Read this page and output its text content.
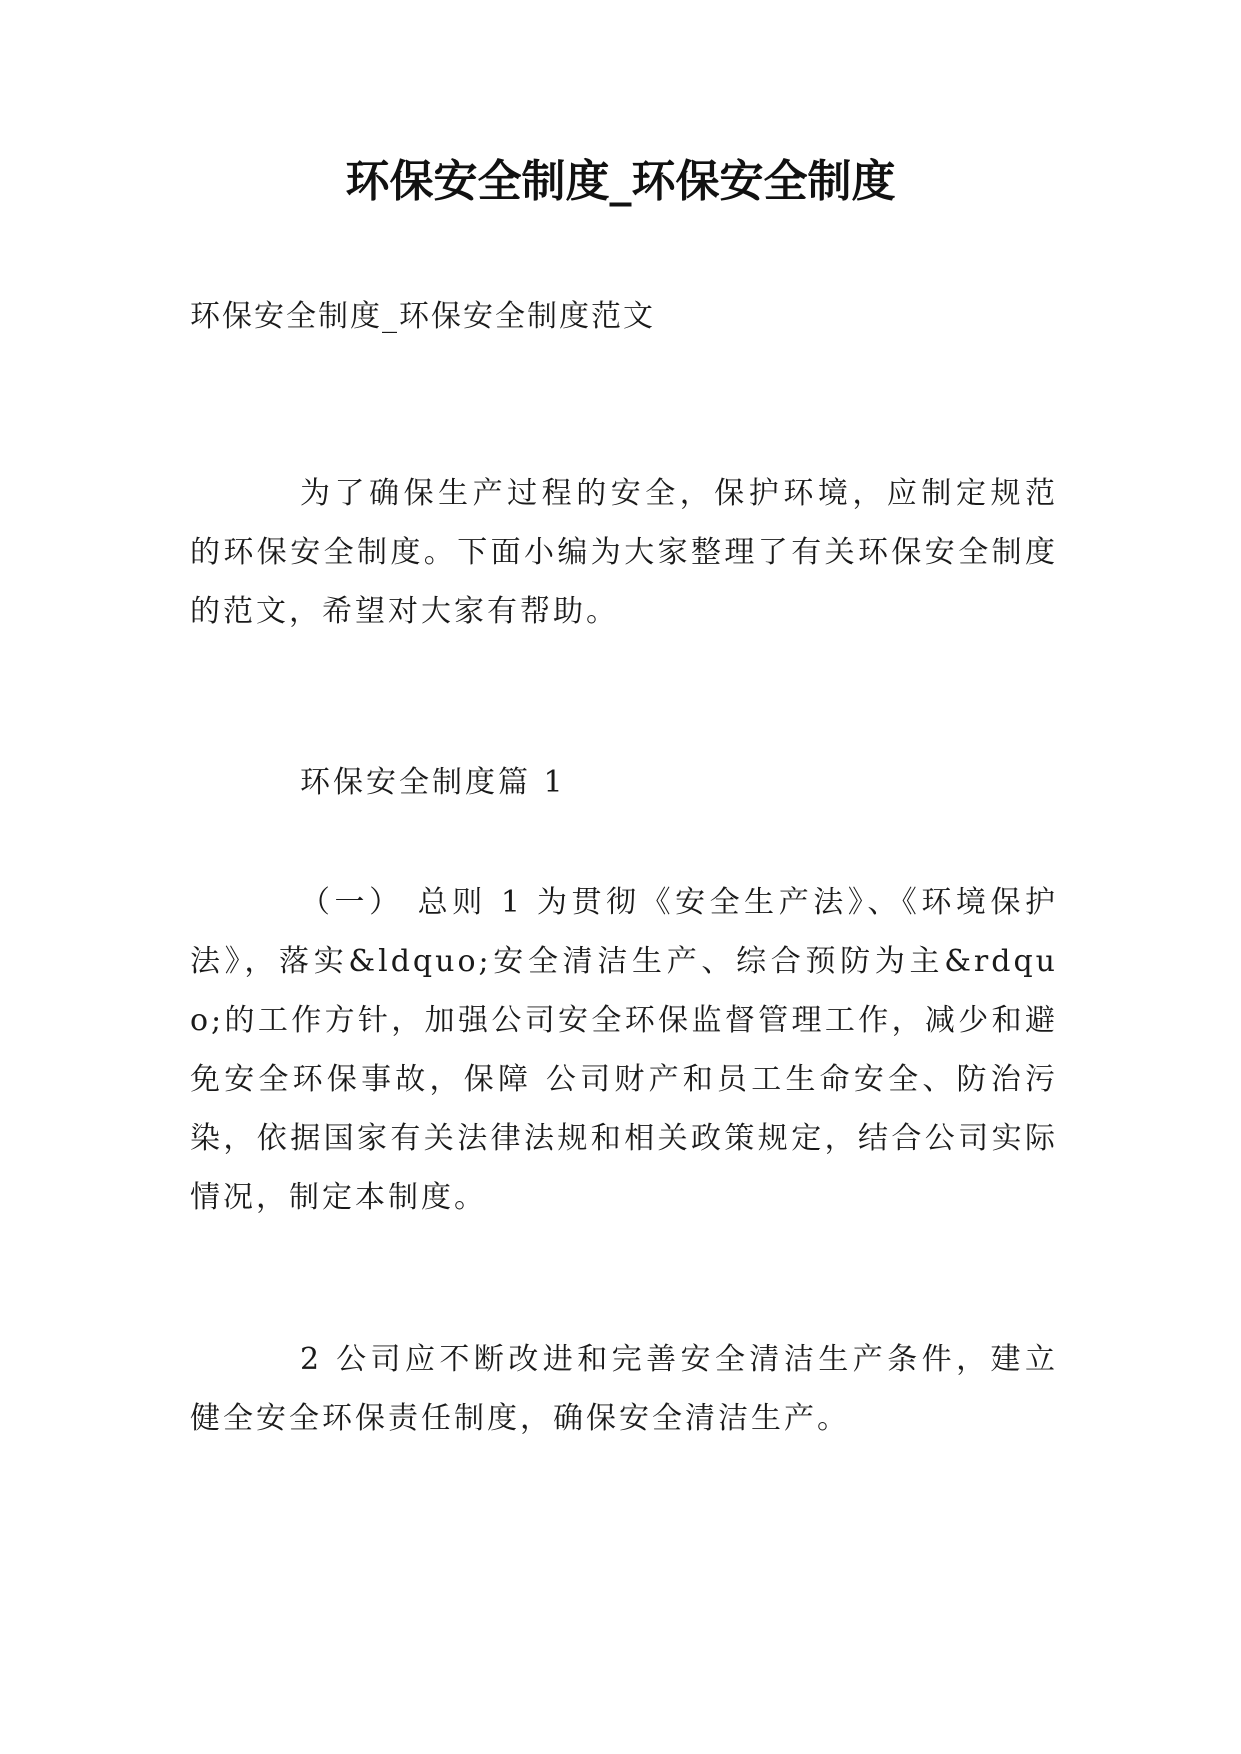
环保安全制度_环保安全制度

环保安全制度_环保安全制度范文

为了确保生产过程的安全，保护环境，应制定规范的环保安全制度。下面小编为大家整理了有关环保安全制度的范文，希望对大家有帮助。

环保安全制度篇 1

（一） 总则 1 为贯彻《安全生产法》、《环境保护法》，落实&ldquo;安全清洁生产、综合预防为主&rdquo;的工作方针，加强公司安全环保监督管理工作，减少和避免安全环保事故，保障 公司财产和员工生命安全、防治污染，依据国家有关法律法规和相关政策规定，结合公司实际情况，制定本制度。

2 公司应不断改进和完善安全清洁生产条件，建立健全安全环保责任制度，确保安全清洁生产。
